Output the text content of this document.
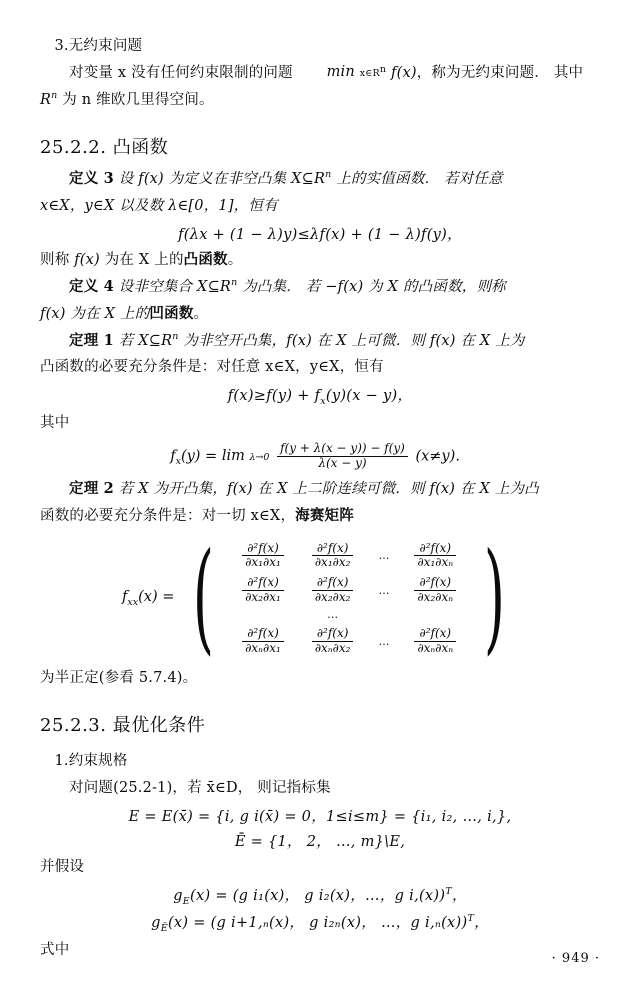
3.无约束问题

对变量 x 没有任何约束限制的问题 min x∈Rn f(x)，称为无约束问题． 其中

$R^n$ 为 n 维欧几里得空间。

25.2.2. 凸函数

定义 3 设 f(x) 为定义在非空凸集 $X⊆R^n$ 上的实值函数． 若对任意

x∈X，y∈X 以及数 λ∈[0，1]，恒有

f(λx + (1 − λ)y)≤λf(x) + (1 − λ)f(y)，

则称 f(x) 为在 X 上的凸函数。

定义 4 设非空集合 $X⊆R^n$ 为凸集． 若 −f(x) 为 X 的凸函数，则称

f(x) 为在 X 上的凹函数。

定理 1 若 $X⊆R^n$ 为非空开凸集，f(x) 在 X 上可微．则 f(x) 在 X 上为

凸函数的必要充分条件是：对任意 x∈X，y∈X，恒有

$f(x)\ge f(y) + f_x(y)(x - y)$，

其中

$f_x(y) = \lim \lambda\to 0 \frac{f(y + \lambda(x - y)) - f(y)}{\lambda(x - y)} (x\ne y)$．

定理 2 若 X 为开凸集，f(x) 在 X 上二阶连续可微．则 f(x) 在 X 上为凸

函数的必要充分条件是：对一切 x∈X，海赛矩阵

$f_{xx}(x)$ = ( $\frac{\text{∂²f(x)}}{\text{∂x₁∂x₁}}$	$\frac{\text{∂²f(x)}}{\text{∂x₁∂x₂}}$	…	$\frac{\text{∂²f(x)}}{\text{∂x₁∂xₙ}}$

$\frac{\text{∂²f(x)}}{\text{∂x₂∂x₁}}$	$\frac{\text{∂²f(x)}}{\text{∂x₂∂x₂}}$	…	$\frac{\text{∂²f(x)}}{\text{∂x₂∂xₙ}}$

	…		

$\frac{\text{∂²f(x)}}{\text{∂xₙ∂x₁}}$	$\frac{\text{∂²f(x)}}{\text{∂xₙ∂x₂}}$	…	$\frac{\text{∂²f(x)}}{\text{∂xₙ∂xₙ}}$ )

为半正定(参看 5.7.4)。

25.2.3. 最优化条件

1.约束规格

对问题(25.2-1)，若 x̄∈D， 则记指标集

E = E(x̄) = {i, g i(x̄) = 0，1≤i≤m} = {i₁, i₂, …, i,},

Ē = {1， 2， …, m}\E,

并假设

$g_E(x) = (g$ i₁(x)， g i₂(x)，…，g i,(x))$^T$，

$g_Ē(x) = (g$ i+1,ₙ(x)， g i₂ₙ(x)， …，g i,ₙ(x))$^T$，

式中

· 949 ·
